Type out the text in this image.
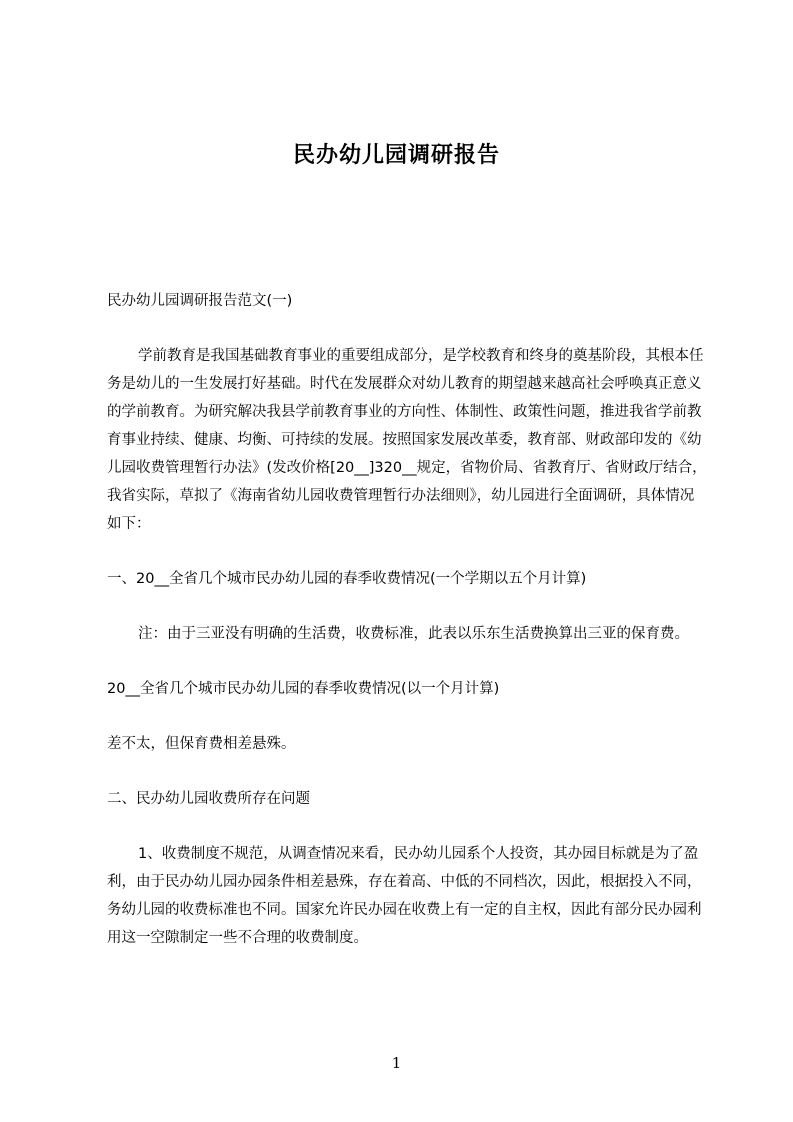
民办幼儿园调研报告

民办幼儿园调研报告范文(一)

学前教育是我国基础教育事业的重要组成部分，是学校教育和终身的奠基阶段，其根本任务是幼儿的一生发展打好基础。时代在发展群众对幼儿教育的期望越来越高社会呼唤真正意义的学前教育。为研究解决我县学前教育事业的方向性、体制性、政策性问题，推进我省学前教育事业持续、健康、均衡、可持续的发展。按照国家发展改革委，教育部、财政部印发的《幼儿园收费管理暂行办法》(发改价格[20__]320__规定，省物价局、省教育厅、省财政厅结合，我省实际，草拟了《海南省幼儿园收费管理暂行办法细则》，幼儿园进行全面调研，具体情况如下：

一、20__全省几个城市民办幼儿园的春季收费情况(一个学期以五个月计算)

注：由于三亚没有明确的生活费，收费标准，此表以乐东生活费换算出三亚的保育费。

20__全省几个城市民办幼儿园的春季收费情况(以一个月计算)

差不太，但保育费相差悬殊。

二、民办幼儿园收费所存在问题

1、收费制度不规范，从调查情况来看，民办幼儿园系个人投资，其办园目标就是为了盈利，由于民办幼儿园办园条件相差悬殊，存在着高、中低的不同档次，因此，根据投入不同，务幼儿园的收费标准也不同。国家允许民办园在收费上有一定的自主权，因此有部分民办园利用这一空隙制定一些不合理的收费制度。

1
